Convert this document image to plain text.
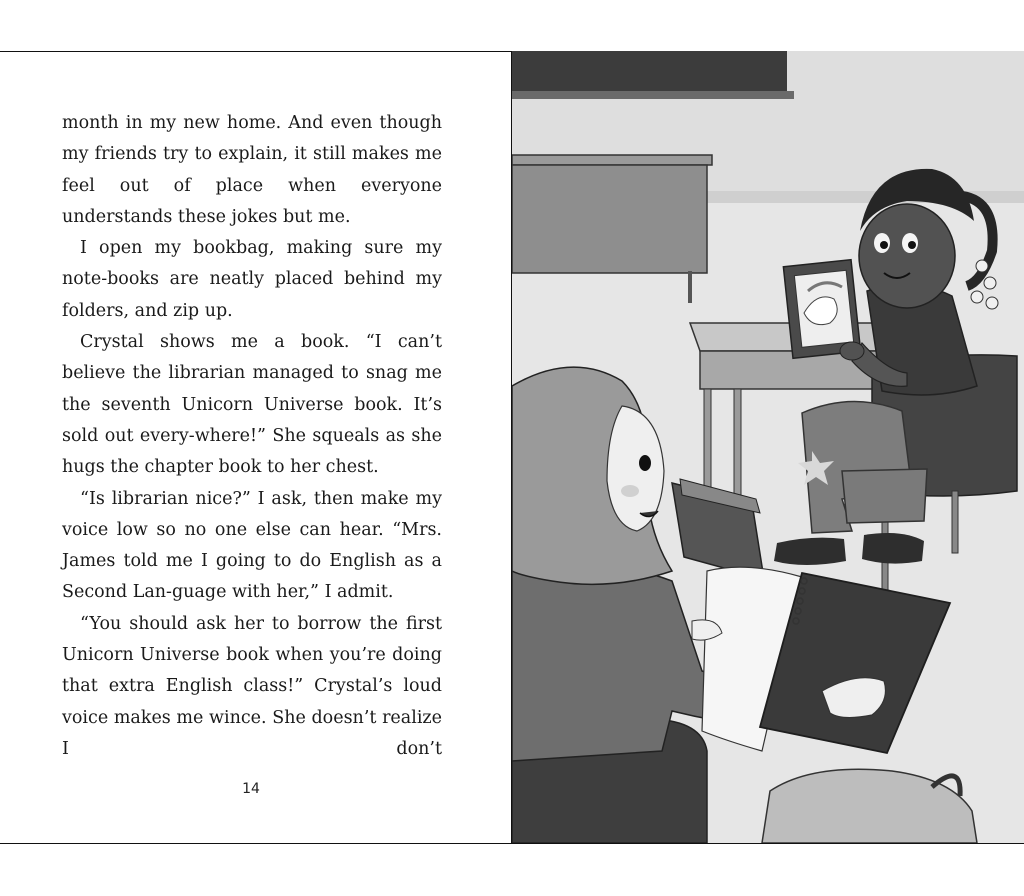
month in my new home. And even though my friends try to explain, it still makes me feel out of place when everyone understands these jokes but me.

I open my bookbag, making sure my note-books are neatly placed behind my folders, and zip up.

Crystal shows me a book. “I can’t believe the librarian managed to snag me the seventh Unicorn Universe book. It’s sold out every-where!” She squeals as she hugs the chapter book to her chest.

“Is librarian nice?” I ask, then make my voice low so no one else can hear. “Mrs. James told me I going to do English as a Second Lan-guage with her,” I admit.

“You should ask her to borrow the first Unicorn Universe book when you’re doing that extra English class!” Crystal’s loud voice makes me wince. She doesn’t realize I don’t

14
